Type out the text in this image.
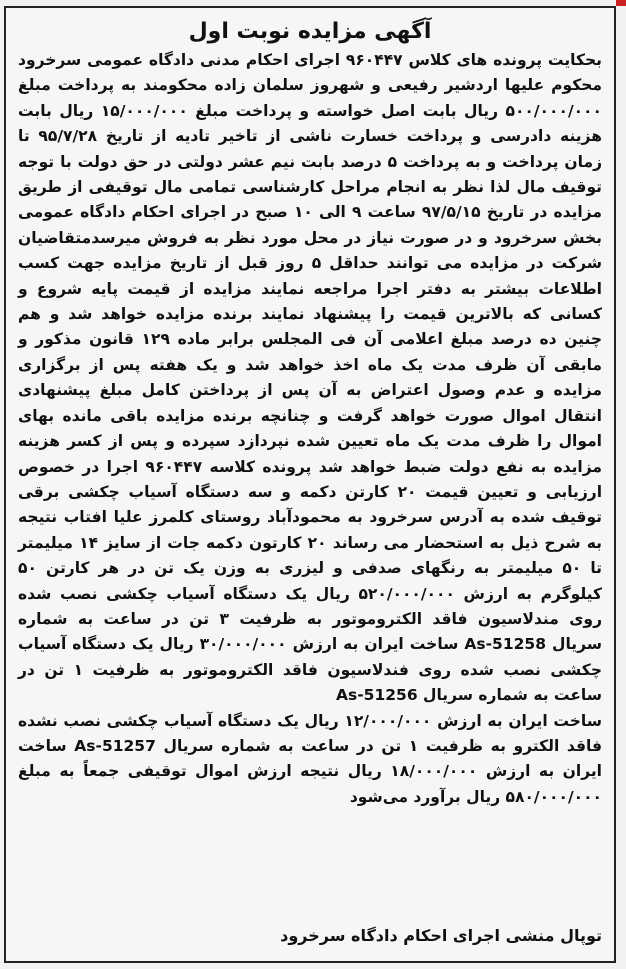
آگهی مزایده نوبت اول

بحکایت پرونده های کلاس ۹۶۰۴۴۷ اجرای احکام مدنی دادگاه عمومی سرخرود محکوم علیها اردشیر رفیعی و شهروز سلمان زاده محکومند به پرداخت مبلغ ۵۰۰/۰۰۰/۰۰۰ ریال بابت اصل خواسته و پرداخت مبلغ ۱۵/۰۰۰/۰۰۰ ریال بابت هزینه دادرسی و پرداخت خسارت ناشی از تاخیر تادیه از تاریخ ۹۵/۷/۲۸ تا زمان پرداخت و به پرداخت ۵ درصد بابت نیم عشر دولتی در حق دولت با توجه توقیف مال لذا نظر به انجام مراحل کارشناسی تمامی مال توقیفی از طریق مزایده در تاریخ ۹۷/۵/۱۵ ساعت ۹ الی ۱۰ صبح در اجرای احکام دادگاه عمومی بخش سرخرود و در صورت نیاز در محل مورد نظر به فروش میرسدمتقاضیان شرکت در مزایده می توانند حداقل ۵ روز قبل از تاریخ مزایده جهت کسب اطلاعات بیشتر به دفتر اجرا مراجعه نمایند مزایده از قیمت پایه شروع و کسانی که بالاترین قیمت را پیشنهاد نمایند برنده مزایده خواهد شد و هم چنین ده درصد مبلغ اعلامی آن فی المجلس برابر ماده ۱۲۹ قانون مذکور و مابقی آن ظرف مدت یک ماه اخذ خواهد شد و یک هفته پس از برگزاری مزایده و عدم وصول اعتراض به آن پس از پرداختن کامل مبلغ پیشنهادی انتقال اموال صورت خواهد گرفت و چنانچه برنده مزایده باقی مانده بهای اموال را ظرف مدت یک ماه تعیین شده نپردازد سپرده و پس از کسر هزینه مزایده به نفع دولت ضبط خواهد شد پرونده کلاسه ۹۶۰۴۴۷ اجرا در خصوص ارزیابی و تعیین قیمت ۲۰ کارتن دکمه و سه دستگاه آسیاب چکشی برقی توقیف شده به آدرس سرخرود به محمودآباد روستای کلمرز علیا افتاب نتیجه به شرح ذیل به استحضار می رساند ۲۰ کارتون دکمه جات از سایز ۱۴ میلیمتر تا ۵۰ میلیمتر به رنگهای صدفی و لیزری به وزن یک تن در هر کارتن ۵۰ کیلوگرم به ارزش ۵۲۰/۰۰۰/۰۰۰ ریال یک دستگاه آسیاب چکشی نصب شده روی مندلاسیون فاقد الکتروموتور به ظرفیت ۳ تن در ساعت به شماره سریال As-51258 ساخت ایران به ارزش ۳۰/۰۰۰/۰۰۰ ریال یک دستگاه آسیاب چکشی نصب شده روی فندلاسیون فاقد الکتروموتور به ظرفیت ۱ تن در ساعت به شماره سریال As-51256

ساخت ایران به ارزش ۱۲/۰۰۰/۰۰۰ ریال یک دستگاه آسیاب چکشی نصب نشده فاقد الکترو به ظرفیت ۱ تن در ساعت به شماره سریال As-51257 ساخت ایران به ارزش ۱۸/۰۰۰/۰۰۰ ریال نتیجه ارزش اموال توقیفی جمعاً به مبلغ ۵۸۰/۰۰۰/۰۰۰ ریال برآورد می‌شود

توپال منشی اجرای احکام دادگاه سرخرود
